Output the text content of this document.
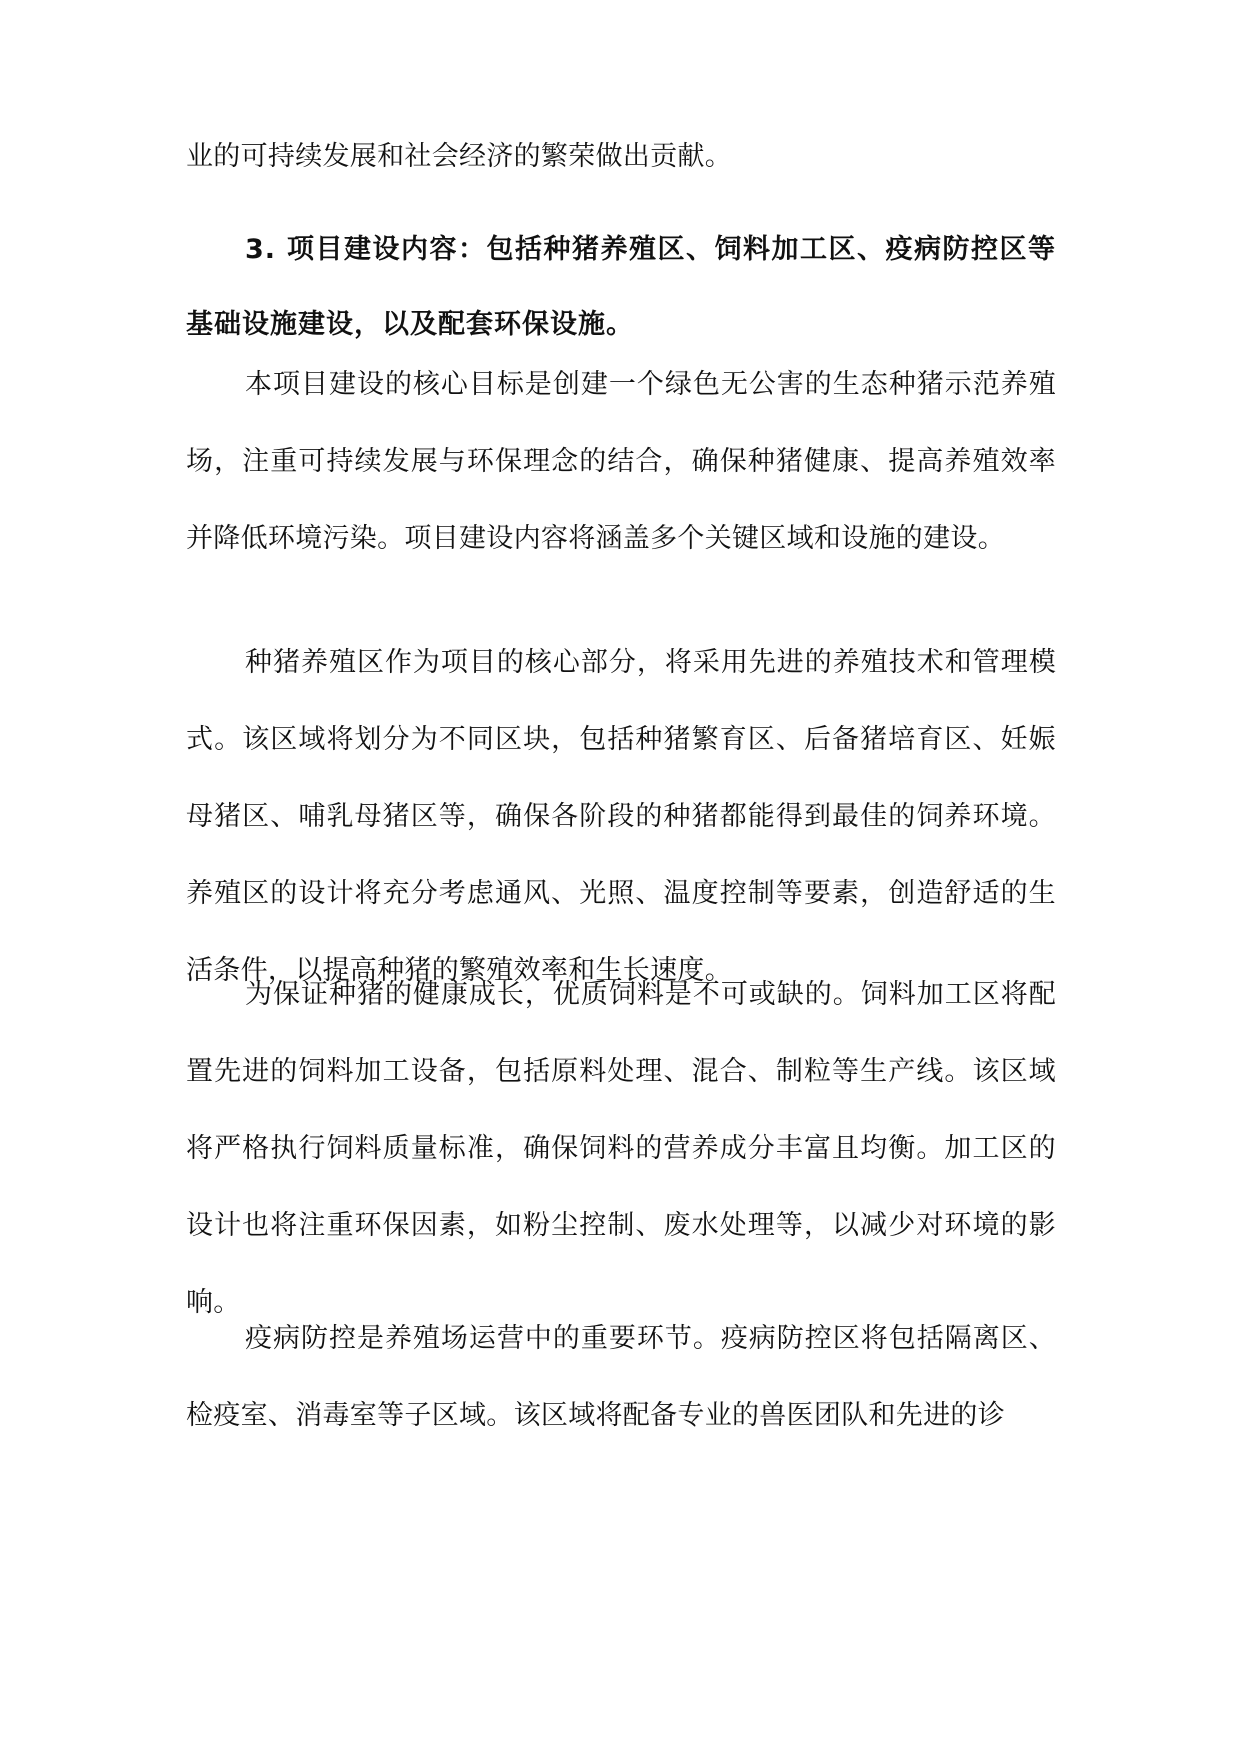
业的可持续发展和社会经济的繁荣做出贡献。

3. 项目建设内容：包括种猪养殖区、饲料加工区、疫病防控区等基础设施建设，以及配套环保设施。

本项目建设的核心目标是创建一个绿色无公害的生态种猪示范养殖场，注重可持续发展与环保理念的结合，确保种猪健康、提高养殖效率并降低环境污染。项目建设内容将涵盖多个关键区域和设施的建设。

种猪养殖区作为项目的核心部分，将采用先进的养殖技术和管理模式。该区域将划分为不同区块，包括种猪繁育区、后备猪培育区、妊娠母猪区、哺乳母猪区等，确保各阶段的种猪都能得到最佳的饲养环境。养殖区的设计将充分考虑通风、光照、温度控制等要素，创造舒适的生活条件，以提高种猪的繁殖效率和生长速度。

为保证种猪的健康成长，优质饲料是不可或缺的。饲料加工区将配置先进的饲料加工设备，包括原料处理、混合、制粒等生产线。该区域将严格执行饲料质量标准，确保饲料的营养成分丰富且均衡。加工区的设计也将注重环保因素，如粉尘控制、废水处理等，以减少对环境的影响。

疫病防控是养殖场运营中的重要环节。疫病防控区将包括隔离区、检疫室、消毒室等子区域。该区域将配备专业的兽医团队和先进的诊
